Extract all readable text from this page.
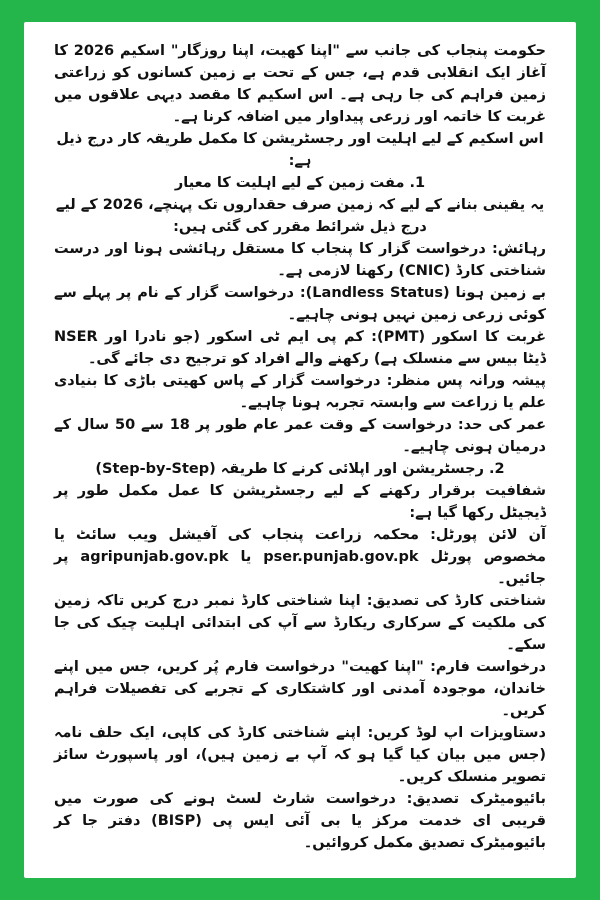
حکومت پنجاب کی جانب سے "اپنا کھیت، اپنا روزگار" اسکیم 2026 کا آغاز ایک انقلابی قدم ہے، جس کے تحت بے زمین کسانوں کو زراعتی زمین فراہم کی جا رہی ہے۔ اس اسکیم کا مقصد دیہی علاقوں میں غربت کا خاتمہ اور زرعی پیداوار میں اضافہ کرنا ہے۔

اس اسکیم کے لیے اہلیت اور رجسٹریشن کا مکمل طریقہ کار درج ذیل ہے:

1. مفت زمین کے لیے اہلیت کا معیار

یہ یقینی بنانے کے لیے کہ زمین صرف حقداروں تک پہنچے، 2026 کے لیے درج ذیل شرائط مقرر کی گئی ہیں:

رہائش: درخواست گزار کا پنجاب کا مستقل رہائشی ہونا اور درست شناختی کارڈ (CNIC) رکھنا لازمی ہے۔

بے زمین ہونا (Landless Status): درخواست گزار کے نام پر پہلے سے کوئی زرعی زمین نہیں ہونی چاہیے۔

غربت کا اسکور (PMT): کم پی ایم ٹی اسکور (جو نادرا اور NSER ڈیٹا بیس سے منسلک ہے) رکھنے والے افراد کو ترجیح دی جائے گی۔

پیشہ ورانہ پس منظر: درخواست گزار کے پاس کھیتی باڑی کا بنیادی علم یا زراعت سے وابستہ تجربہ ہونا چاہیے۔

عمر کی حد: درخواست کے وقت عمر عام طور پر 18 سے 50 سال کے درمیان ہونی چاہیے۔

2. رجسٹریشن اور اپلائی کرنے کا طریقہ (Step-by-Step)

شفافیت برقرار رکھنے کے لیے رجسٹریشن کا عمل مکمل طور پر ڈیجیٹل رکھا گیا ہے:

آن لائن پورٹل: محکمہ زراعت پنجاب کی آفیشل ویب سائٹ یا مخصوص پورٹل pser.punjab.gov.pk یا agripunjab.gov.pk پر جائیں۔

شناختی کارڈ کی تصدیق: اپنا شناختی کارڈ نمبر درج کریں تاکہ زمین کی ملکیت کے سرکاری ریکارڈ سے آپ کی ابتدائی اہلیت چیک کی جا سکے۔

درخواست فارم: "اپنا کھیت" درخواست فارم پُر کریں، جس میں اپنے خاندان، موجودہ آمدنی اور کاشتکاری کے تجربے کی تفصیلات فراہم کریں۔

دستاویزات اپ لوڈ کریں: اپنے شناختی کارڈ کی کاپی، ایک حلف نامہ (جس میں بیان کیا گیا ہو کہ آپ بے زمین ہیں)، اور پاسپورٹ سائز تصویر منسلک کریں۔

بائیومیٹرک تصدیق: درخواست شارٹ لسٹ ہونے کی صورت میں قریبی ای خدمت مرکز یا بی آئی ایس پی (BISP) دفتر جا کر بائیومیٹرک تصدیق مکمل کروائیں۔
